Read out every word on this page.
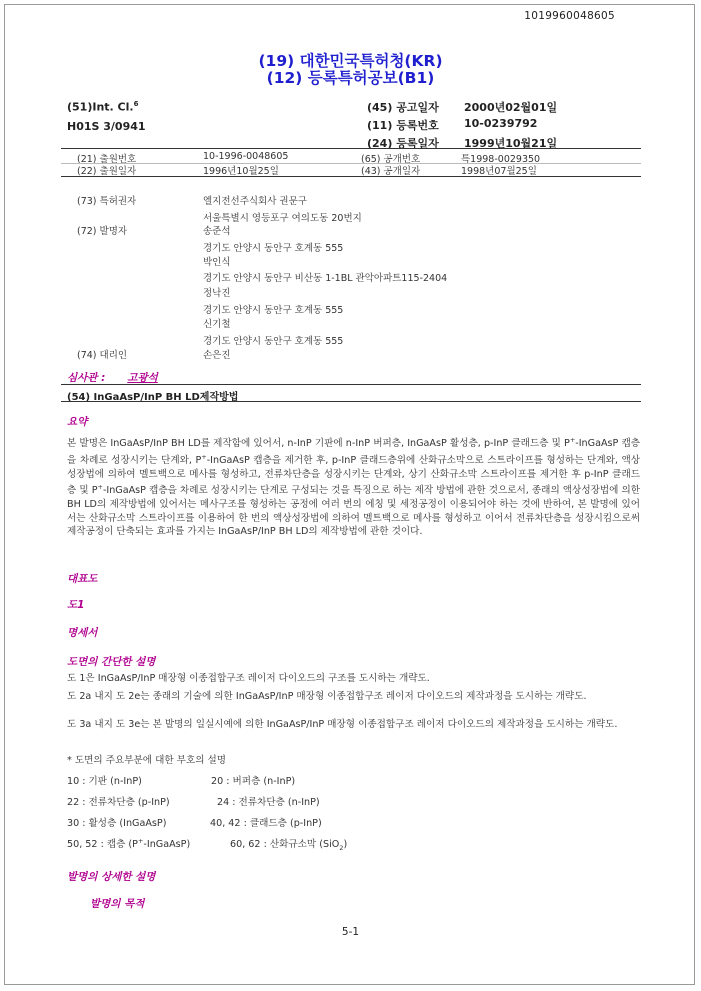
1019960048605
(19) 대한민국특허청(KR)
(12) 등록특허공보(B1)
(51)Int. Cl.$^6$
H01S 3/0941
(45) 공고일자 2000년02월01일
(11) 등록번호 10-0239792
(24) 등록일자 1999년10월21일
(21) 출원번호	10-1996-0048605	(65) 공개번호	특1998-0029350
(22) 출원일자	1996년10월25일	(43) 공개일자	1998년07월25일
(73) 특허권자	엘지전선주식회사 권문구
서울특별시 영등포구 여의도동 20번지
(72) 발명자	송준석
경기도 안양시 동안구 호계동 555
박인식
경기도 안양시 동안구 비산동 1-1BL 관악아파트115-2404
정낙진
경기도 안양시 동안구 호계동 555
신기철
경기도 안양시 동안구 호계동 555
(74) 대리인	손은진
심사관 : 고광석
(54) InGaAsP/InP BH LD제작방법
요약
본 발명은 InGaAsP/InP BH LD를 제작함에 있어서, n-InP 기판에 n-InP 버퍼층, InGaAsP 활성층, p-InP 클래드층 및 P+-InGaAsP 캡층을 차례로 성장시키는 단계와, P+-InGaAsP 캡층을 제거한 후, p-InP 클래드층위에 산화규소막으로 스트라이프를 형성하는 단계와, 액상성장법에 의하여 멜트백으로 메사를 형성하고, 전류차단층을 성장시키는 단계와, 상기 산화규소막 스트라이프를 제거한 후 p-InP 클래드층 및 P+-InGaAsP 캡층을 차례로 성장시키는 단계로 구성되는 것을 특징으로 하는 제작 방법에 관한 것으로서, 종래의 액상성장법에 의한 BH LD의 제작방법에 있어서는 메사구조를 형성하는 공정에 여러 번의 에칭 및 세정공정이 이용되어야 하는 것에 반하여, 본 발명에 있어서는 산화규소막 스트라이프를 이용하여 한 번의 액상성장법에 의하여 멜트백으로 메사를 형성하고 이어서 전류차단층을 성장시킴으로써 제작공정이 단축되는 효과를 가지는 InGaAsP/InP BH LD의 제작방법에 관한 것이다.
대표도
도1
명세서
도면의 간단한 설명
도 1은 InGaAsP/InP 매장형 이종접합구조 레이저 다이오드의 구조를 도시하는 개략도.
도 2a 내지 도 2e는 종래의 기술에 의한 InGaAsP/InP 매장형 이종접합구조 레이저 다이오드의 제작과정을 도시하는 개략도.
도 3a 내지 도 3e는 본 발명의 일실시예에 의한 InGaAsP/InP 매장형 이종접합구조 레이저 다이오드의 제작과정을 도시하는 개략도.
* 도면의 주요부분에 대한 부호의 설명
10 : 기판 (n-InP)	20 : 버퍼층 (n-InP)
22 : 전류차단층 (p-InP)	24 : 전류차단층 (n-InP)
30 : 활성층 (InGaAsP)	40, 42 : 클래드층 (p-InP)
50, 52 : 캡층 (P+-InGaAsP)	60, 62 : 산화규소막 (SiO$_2$)
발명의 상세한 설명
발명의 목적
5-1
